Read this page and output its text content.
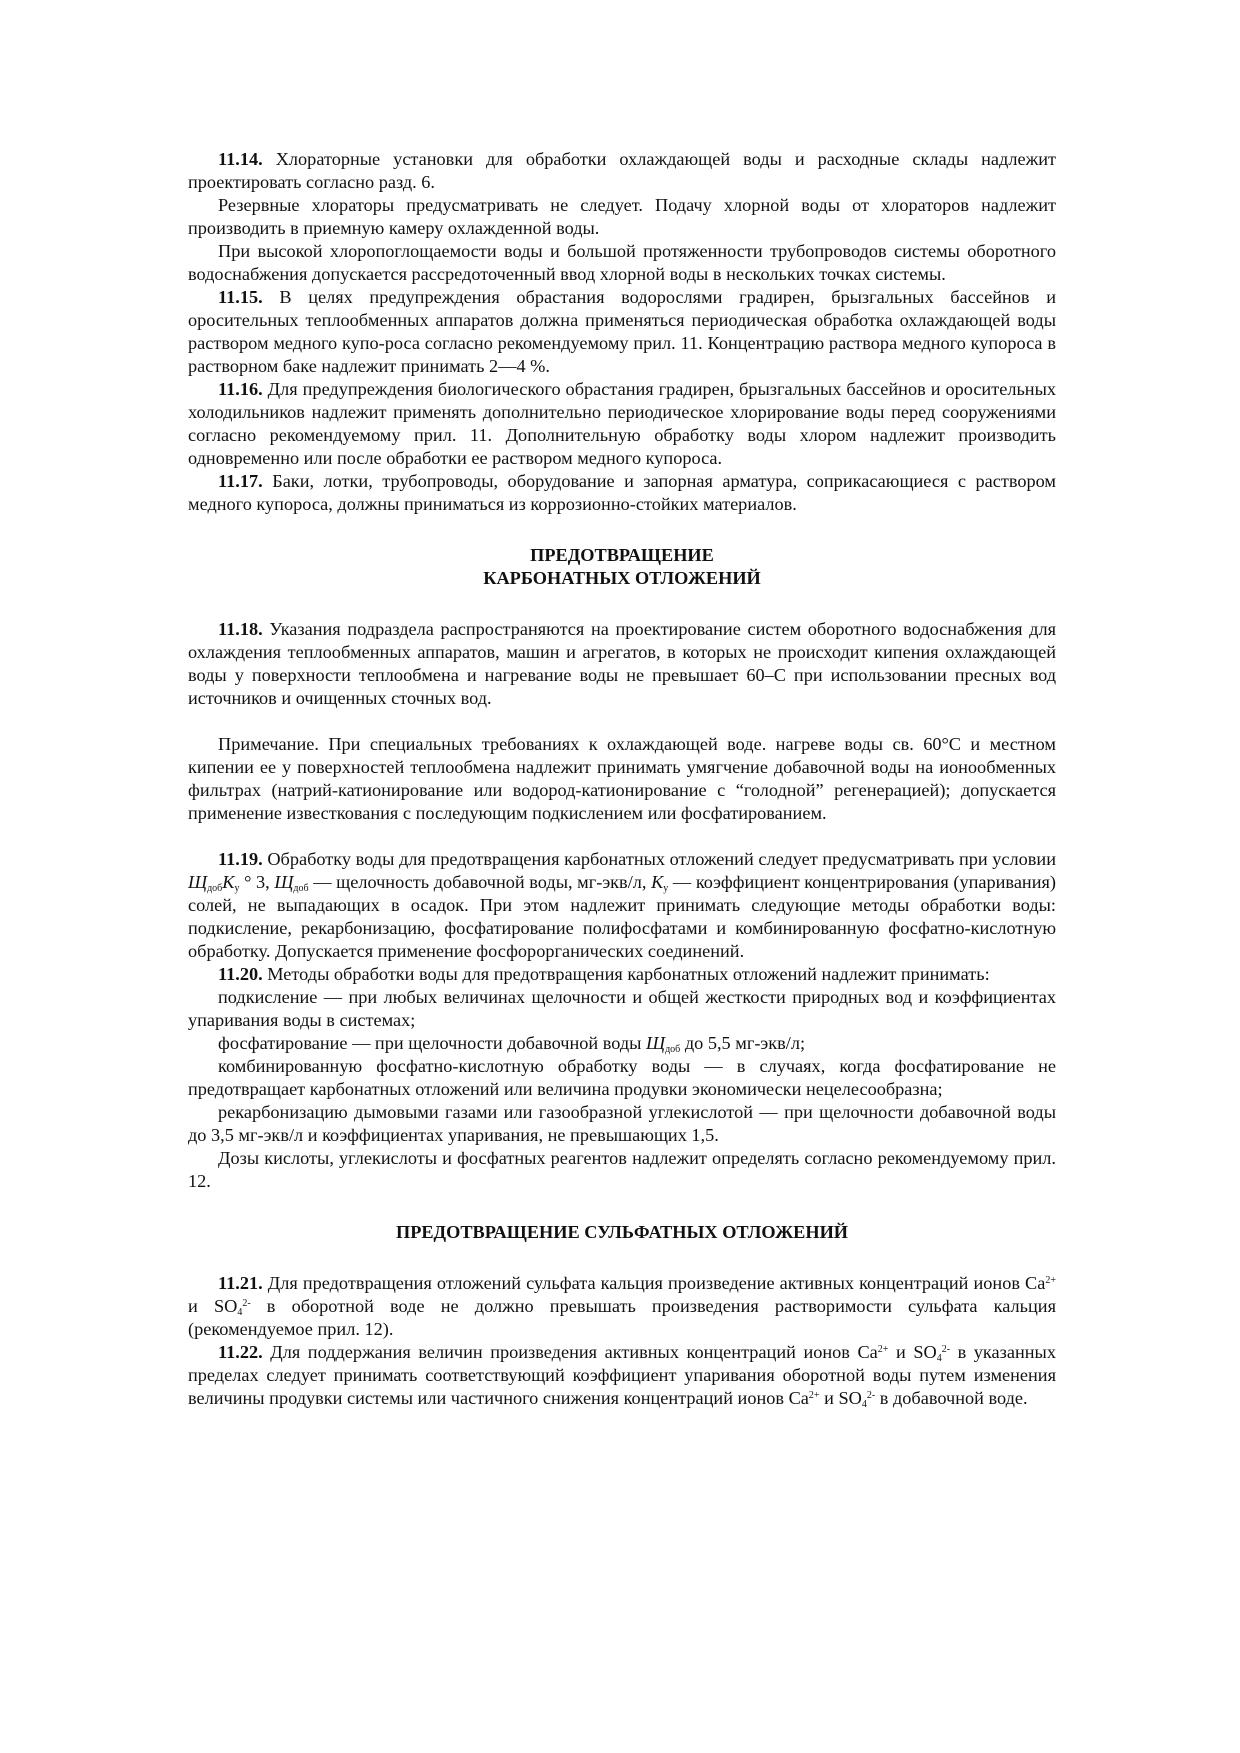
11.14. Хлораторные установки для обработки охлаждающей воды и расходные склады надлежит проектировать согласно разд. 6.

Резервные хлораторы предусматривать не следует. Подачу хлорной воды от хлораторов надлежит производить в приемную камеру охлажденной воды.

При высокой хлоропоглощаемости воды и большой протяженности трубопроводов системы оборотного водоснабжения допускается рассредоточенный ввод хлорной воды в нескольких точках системы.

11.15. В целях предупреждения обрастания водорослями градирен, брызгальных бассейнов и оросительных теплообменных аппаратов должна применяться периодическая обработка охлаждающей воды раствором медного купо-роса согласно рекомендуемому прил. 11. Концентрацию раствора медного купороса в растворном баке надлежит принимать 2—4 %.

11.16. Для предупреждения биологического обрастания градирен, брызгальных бассейнов и оросительных холодильников надлежит применять дополнительно периодическое хлорирование воды перед сооружениями согласно рекомендуемому прил. 11. Дополнительную обработку воды хлором надлежит производить одновременно или после обработки ее раствором медного купороса.

11.17. Баки, лотки, трубопроводы, оборудование и запорная арматура, соприкасающиеся с раствором медного купороса, должны приниматься из коррозионно-стойких материалов.

ПРЕДОТВРАЩЕНИЕ
КАРБОНАТНЫХ ОТЛОЖЕНИЙ

11.18. Указания подраздела распространяются на проектирование систем оборотного водоснабжения для охлаждения теплообменных аппаратов, машин и агрегатов, в которых не происходит кипения охлаждающей воды у поверхности теплообмена и нагревание воды не превышает 60–С при использовании пресных вод источников и очищенных сточных вод.

Примечание. При специальных требованиях к охлаждающей воде. нагреве воды св. 60°С и местном кипении ее у поверхностей теплообмена надлежит принимать умягчение добавочной воды на ионообменных фильтрах (натрий-катионирование или водород-катионирование с “голодной” регенерацией); допускается применение известкования с последующим подкислением или фосфатированием.

11.19. Обработку воды для предотвращения карбонатных отложений следует предусматривать при условии $Щ_{доб}K_у$ ° 3, $Щ_{доб}$ — щелочность добавочной воды, мг-экв/л, $K_у$ — коэффициент концентрирования (упаривания) солей, не выпадающих в осадок. При этом надлежит принимать следующие методы обработки воды: подкисление, рекарбонизацию, фосфатирование полифосфатами и комбинированную фосфатно-кислотную обработку. Допускается применение фосфорорганических соединений.

11.20. Методы обработки воды для предотвращения карбонатных отложений надлежит принимать:

подкисление — при любых величинах щелочности и общей жесткости природных вод и коэффициентах упаривания воды в системах;

фосфатирование — при щелочности добавочной воды $Щ_{доб}$ до 5,5 мг-экв/л;

комбинированную фосфатно-кислотную обработку воды — в случаях, когда фосфатирование не предотвращает карбонатных отложений или величина продувки экономически нецелесообразна;

рекарбонизацию дымовыми газами или газообразной углекислотой — при щелочности добавочной воды до 3,5 мг-экв/л и коэффициентах упаривания, не превышающих 1,5.

Дозы кислоты, углекислоты и фосфатных реагентов надлежит определять согласно рекомендуемому прил. 12.

ПРЕДОТВРАЩЕНИЕ СУЛЬФАТНЫХ ОТЛОЖЕНИЙ

11.21. Для предотвращения отложений сульфата кальция произведение активных концентраций ионов $Ca^{2+}$ и $SO_4^{2-}$ в оборотной воде не должно превышать произведения растворимости сульфата кальция (рекомендуемое прил. 12).

11.22. Для поддержания величин произведения активных концентраций ионов $Ca^{2+}$ и $SO_4^{2-}$ в указанных пределах следует принимать соответствующий коэффициент упаривания оборотной воды путем изменения величины продувки системы или частичного снижения концентраций ионов $Ca^{2+}$ и $SO_4^{2-}$ в добавочной воде.
